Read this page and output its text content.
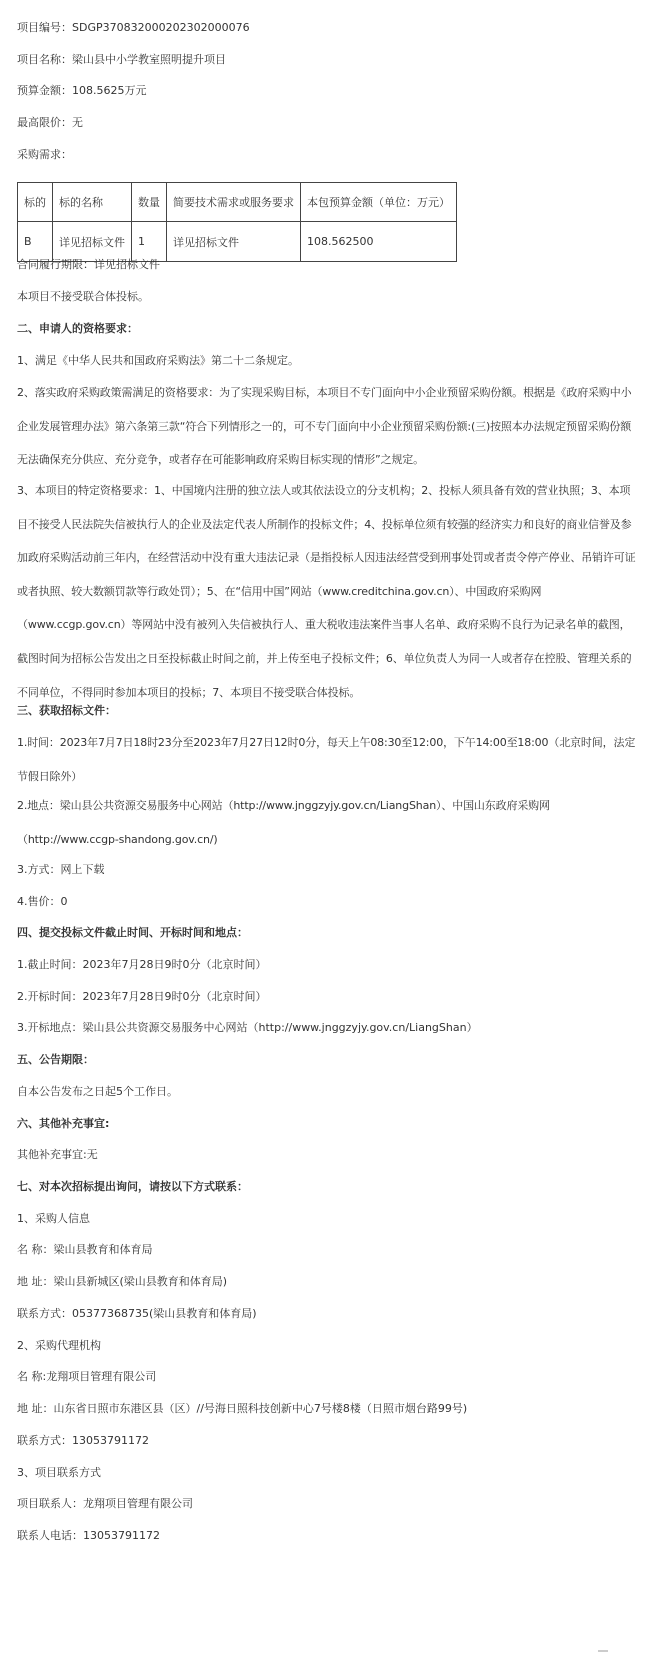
项目编号：SDGP370832000202302000076
项目名称：梁山县中小学教室照明提升项目
预算金额：108.5625万元
最高限价：无
采购需求：
标的	标的名称	数量	简要技术需求或服务要求	本包预算金额（单位：万元）
B	详见招标文件	1	详见招标文件	108.562500
合同履行期限：详见招标文件
本项目不接受联合体投标。
二、申请人的资格要求：
1、满足《中华人民共和国政府采购法》第二十二条规定。
2、落实政府采购政策需满足的资格要求：为了实现采购目标，本项目不专门面向中小企业预留采购份额。根据是《政府采购中小企业发展管理办法》第六条第三款“符合下列情形之一的，可不专门面向中小企业预留采购份额:(三)按照本办法规定预留采购份额无法确保充分供应、充分竞争，或者存在可能影响政府采购目标实现的情形”之规定。
3、本项目的特定资格要求：1、中国境内注册的独立法人或其依法设立的分支机构；2、投标人须具备有效的营业执照；3、本项目不接受人民法院失信被执行人的企业及法定代表人所制作的投标文件；4、投标单位须有较强的经济实力和良好的商业信誉及参加政府采购活动前三年内，在经营活动中没有重大违法记录（是指投标人因违法经营受到刑事处罚或者责令停产停业、吊销许可证或者执照、较大数额罚款等行政处罚）；5、在“信用中国”网站（www.creditchina.gov.cn）、中国政府采购网（www.ccgp.gov.cn）等网站中没有被列入失信被执行人、重大税收违法案件当事人名单、政府采购不良行为记录名单的截图，截图时间为招标公告发出之日至投标截止时间之前，并上传至电子投标文件；6、单位负责人为同一人或者存在控股、管理关系的不同单位，不得同时参加本项目的投标；7、本项目不接受联合体投标。
三、获取招标文件：
1.时间：2023年7月7日18时23分至2023年7月27日12时0分，每天上午08:30至12:00，下午14:00至18:00（北京时间，法定节假日除外）
2.地点：梁山县公共资源交易服务中心网站（http://www.jnggzyjy.gov.cn/LiangShan）、中国山东政府采购网（http://www.ccgp-shandong.gov.cn/)
3.方式：网上下载
4.售价：0
四、提交投标文件截止时间、开标时间和地点：
1.截止时间：2023年7月28日9时0分（北京时间）
2.开标时间：2023年7月28日9时0分（北京时间）
3.开标地点：梁山县公共资源交易服务中心网站（http://www.jnggzyjy.gov.cn/LiangShan）
五、公告期限：
自本公告发布之日起5个工作日。
六、其他补充事宜:
其他补充事宜:无
七、对本次招标提出询问，请按以下方式联系：
1、采购人信息
名 称：梁山县教育和体育局
地 址：梁山县新城区(梁山县教育和体育局)
联系方式：05377368735(梁山县教育和体育局)
2、采购代理机构
名 称:龙翔项目管理有限公司
地 址：山东省日照市东港区县（区）//号海日照科技创新中心7号楼8楼（日照市烟台路99号)
联系方式：13053791172
3、项目联系方式
项目联系人：龙翔项目管理有限公司
联系人电话：13053791172
